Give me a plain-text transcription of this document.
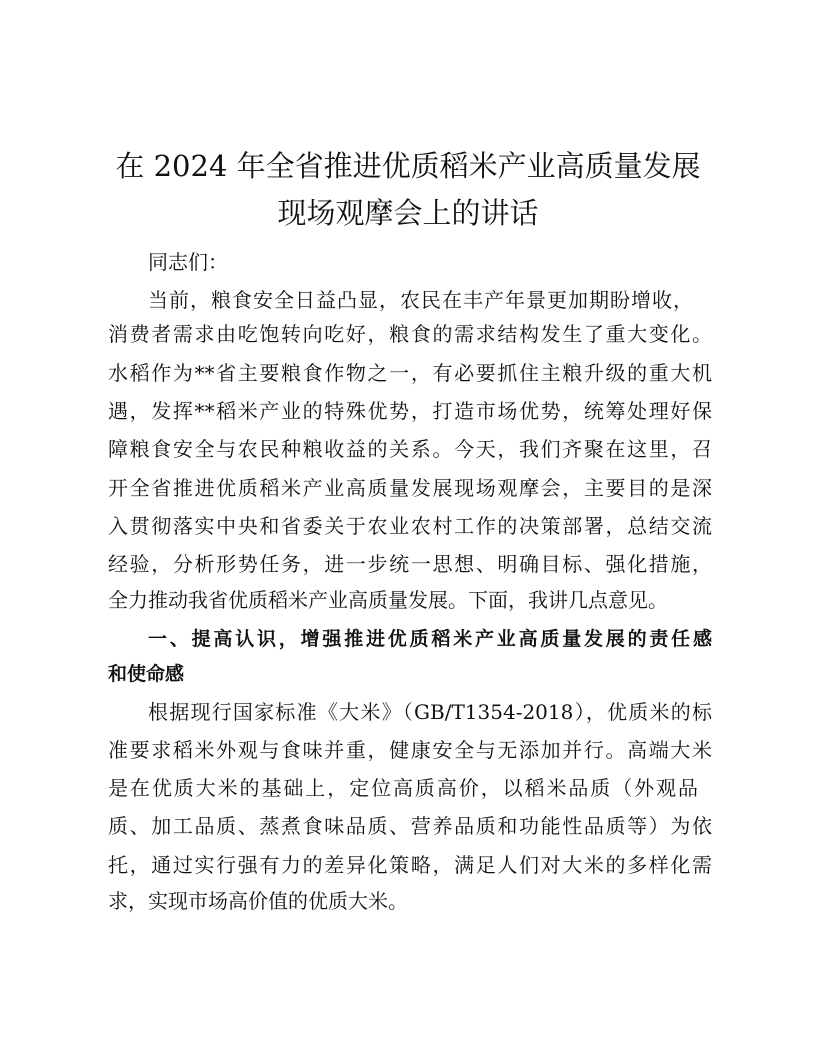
在 2024 年全省推进优质稻米产业高质量发展
现场观摩会上的讲话
同志们：
当前，粮食安全日益凸显，农民在丰产年景更加期盼增收，
消费者需求由吃饱转向吃好，粮食的需求结构发生了重大变化。
水稻作为**省主要粮食作物之一，有必要抓住主粮升级的重大机
遇，发挥**稻米产业的特殊优势，打造市场优势，统筹处理好保
障粮食安全与农民种粮收益的关系。今天，我们齐聚在这里，召
开全省推进优质稻米产业高质量发展现场观摩会，主要目的是深
入贯彻落实中央和省委关于农业农村工作的决策部署，总结交流
经验，分析形势任务，进一步统一思想、明确目标、强化措施，
全力推动我省优质稻米产业高质量发展。下面，我讲几点意见。
一、提高认识，增强推进优质稻米产业高质量发展的责任感
和使命感
根据现行国家标准《大米》（GB/T1354-2018），优质米的标
准要求稻米外观与食味并重，健康安全与无添加并行。高端大米
是在优质大米的基础上，定位高质高价，以稻米品质（外观品
质、加工品质、蒸煮食味品质、营养品质和功能性品质等）为依
托，通过实行强有力的差异化策略，满足人们对大米的多样化需
求，实现市场高价值的优质大米。
